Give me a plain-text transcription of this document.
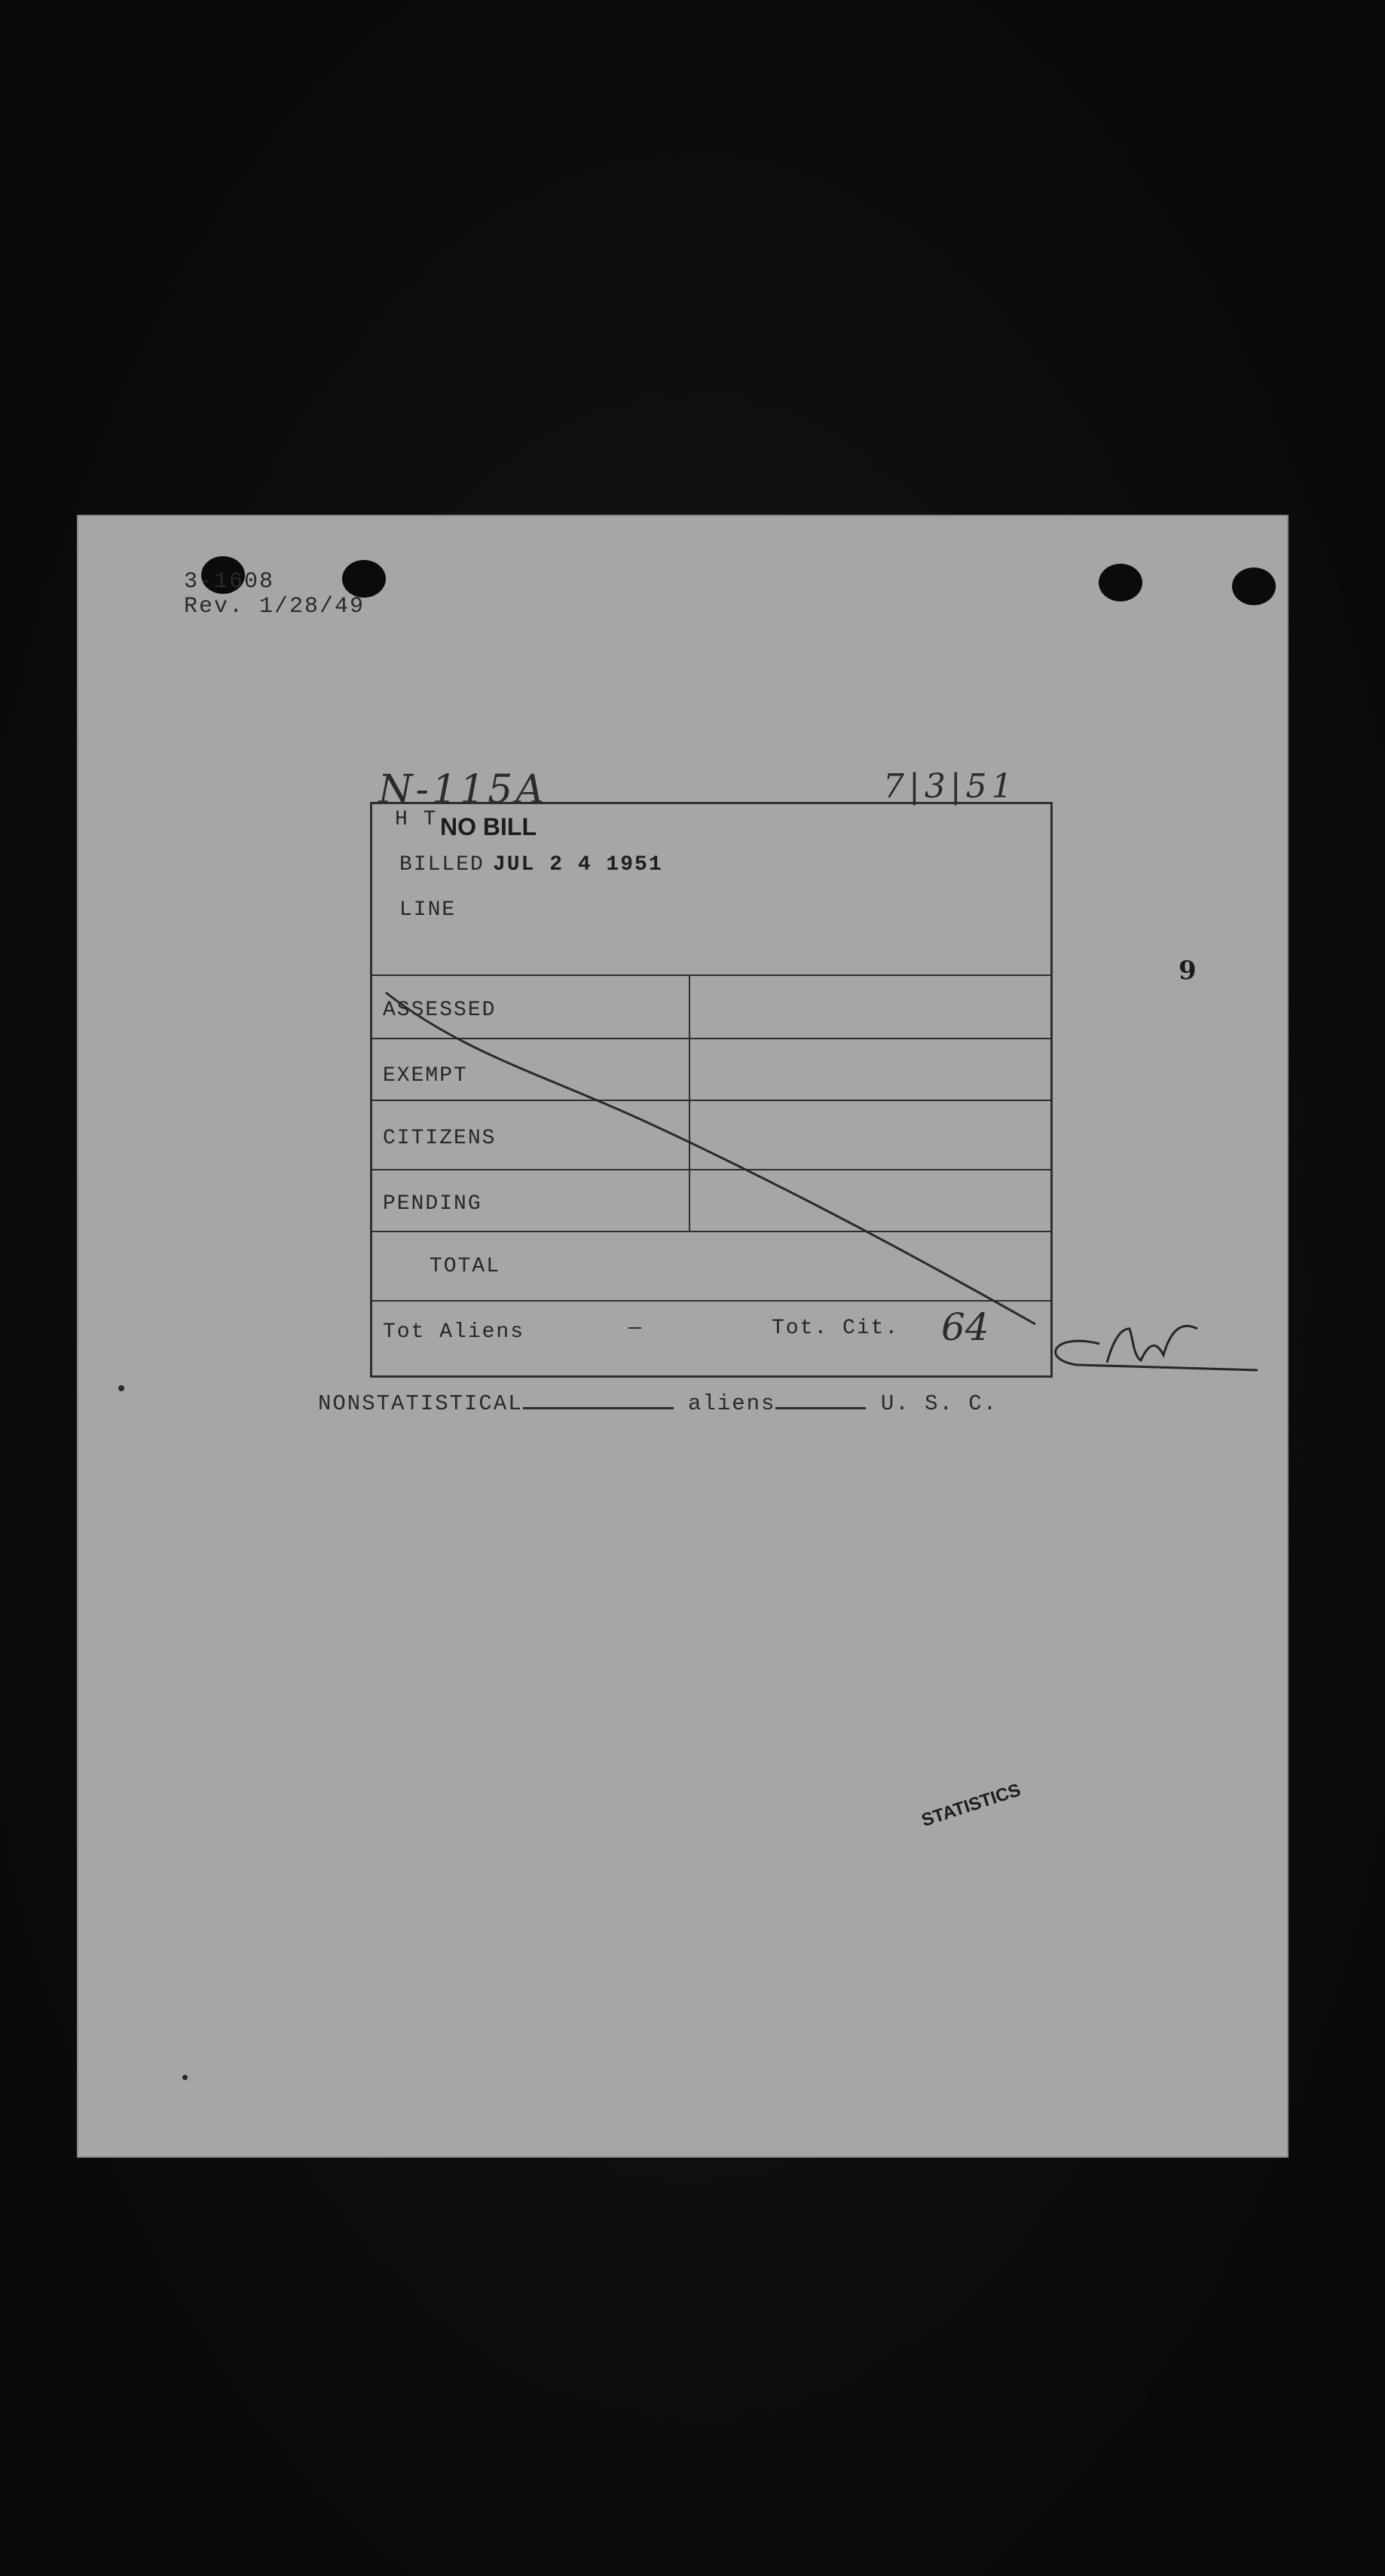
3-1608
Rev. 1/28/49
N-115A	7|3|51
9
H T NO BILL
BILLED JUL 2 4 1951
LINE
ASSESSED
EXEMPT
CITIZENS
PENDING
TOTAL
Tot Aliens	—	Tot. Cit. 64
NONSTATISTICAL	aliens	U. S. C.
STATISTICS
